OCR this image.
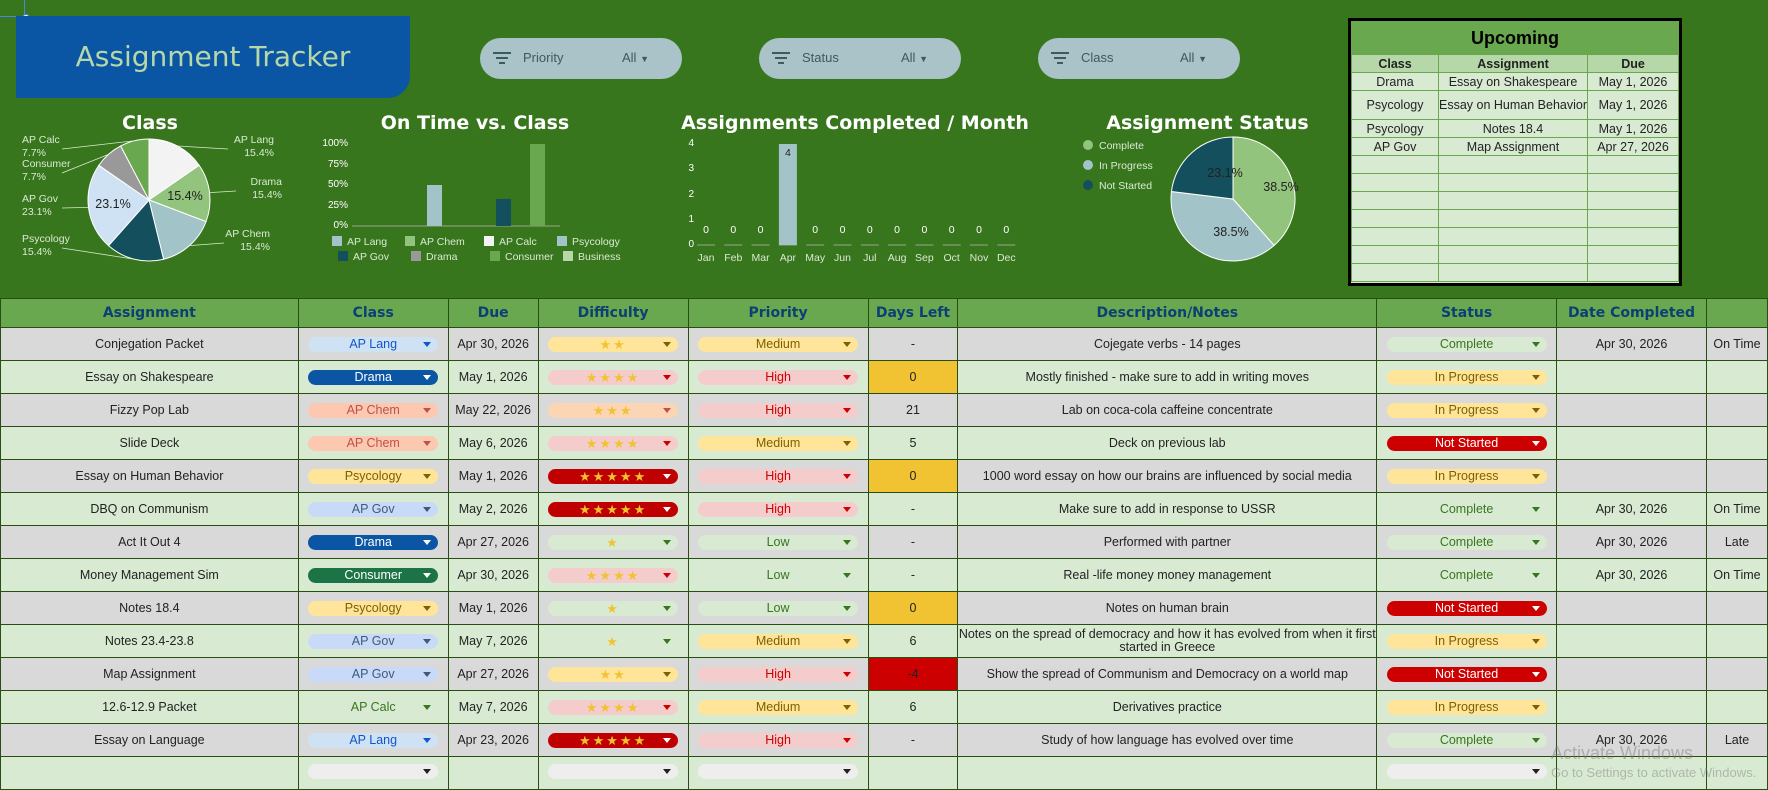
Assignment Tracker	Priority	All ▼	Status	All ▼	Class	All ▼
Class
AP Lang
15.4%
Drama
15.4%
AP Chem
15.4%
Psycology
15.4%
AP Gov
23.1%
Consumer
7.7%
AP Calc
7.7%
15.4%
23.1%
On Time vs. Class	Assignments Completed / Month
0 0 0
4
0 0 0 0 0 0 0 0
Assignment Status
38.5%
38.5%
23.1%
Upcoming		
Class	Assignment	Due
Drama	Essay on Shakespeare	May 1, 2026
Psycology	Essay on Human Behavior	May 1, 2026
Psycology	Notes 18.4	May 1, 2026
AP Gov	Map Assignment	Apr 27, 2026

100%
75%
50%
25%
0%
AP Lang	AP Chem	AP Calc	Psycology
AP Gov	Drama	Consumer	Business
4
3
2
1
0
Jan Feb Mar Apr May Jun	Jul	Aug Sep Oct Nov Dec
Complete
In Progress
Not Started
Assignment	Class	Due	Difficulty	Priority	Days Left	Description/Notes	Status	Date Completed	
Conjegation Packet	AP Lang	Apr 30, 2026	★★	Medium	-	Cojegate verbs - 14 pages	Complete	Apr 30, 2026	On Time
Essay on Shakespeare	Drama	May 1, 2026	★★★★	High	0	Mostly finished - make sure to add in writing moves	In Progress

Fizzy Pop Lab	AP Chem	May 22, 2026	★★★	High	21	Lab on coca-cola caffeine concentrate	In Progress

Slide Deck	AP Chem	May 6, 2026	★★★★	Medium	5	Deck on previous lab	Not Started

Essay on Human Behavior	Psycology	May 1, 2026	★★★★★	High	0	1000 word essay on how our brains are influenced by social media	In Progress

DBQ on Communism	AP Gov	May 2, 2026	★★★★★	High	-	Make sure to add in response to USSR	Complete	Apr 30, 2026	On Time
Act It Out 4	Drama	Apr 27, 2026	★	Low	-	Performed with partner	Complete	Apr 30, 2026	Late
Money Management Sim	Consumer	Apr 30, 2026	★★★★	Low	-	Real -life money money management	Complete	Apr 30, 2026	On Time
Notes 18.4	Psycology	May 1, 2026	★	Low	0	Notes on human brain	Not Started

Notes 23.4-23.8	AP Gov	May 7, 2026	★	Medium	6	Notes on the spread of democracy and how it has evolved from when it first started in Greece	In Progress

Map Assignment	AP Gov	Apr 27, 2026	★★	High	-4	Show the spread of Communism and Democracy on a world map	Not Started

12.6-12.9 Packet	AP Calc	May 7, 2026	★★★★	Medium	6	Derivatives practice	In Progress

Essay on Language	AP Lang	Apr 23, 2026	★★★★★	High	-	Study of how language has evolved over time	Complete	Apr 30, 2026	Late

Activate Windows
Go to Settings to activate Windows.
